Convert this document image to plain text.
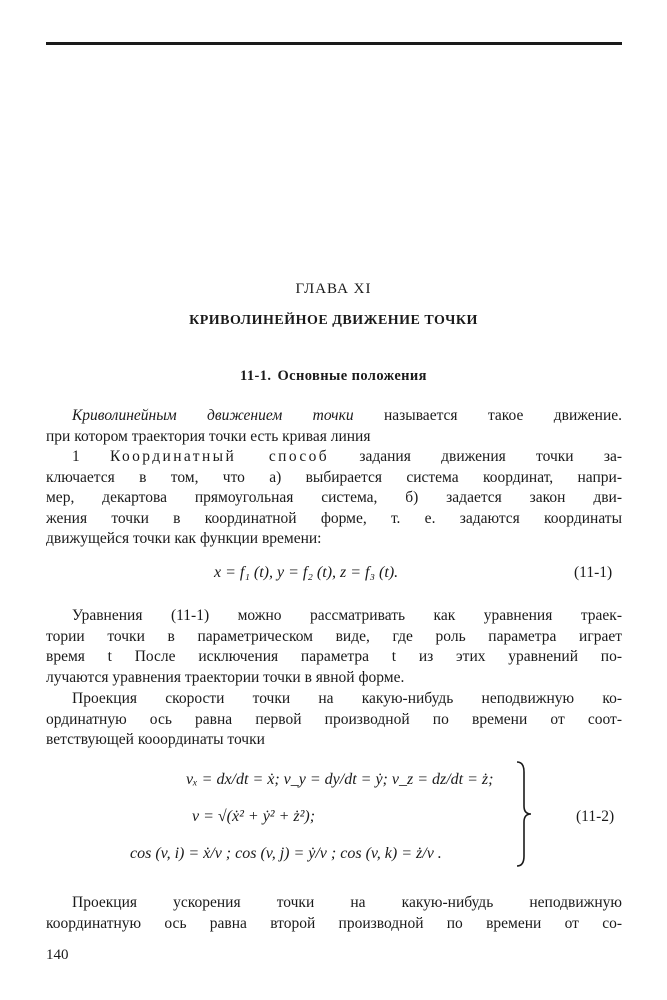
ГЛАВА XI
КРИВОЛИНЕЙНОЕ ДВИЖЕНИЕ ТОЧКИ
11-1. Основные положения
Криволинейным движением точки называется такое движение.
при котором траектория точки есть кривая линия
1 Координатный способ задания движения точки за-
ключается в том, что а) выбирается система координат, напри-
мер, декартова прямоугольная система, б) задается закон дви-
жения точки в координатной форме, т. е. задаются координаты
движущейся точки как функции времени:
x = f₁ (t), y = f₂ (t), z = f₃ (t).	(11-1)
Уравнения (11-1) можно рассматривать как уравнения траек-
тории точки в параметрическом виде, где роль параметра играет
время t После исключения параметра t из этих уравнений по-
лучаются уравнения траектории точки в явной форме.
Проекция скорости точки на какую-нибудь неподвижную ко-
ординатную ось равна первой производной по времени от соот-
ветствующей кооординаты точки
vₓ = dx/dt = ẋ; v_y = dy/dt = ẏ; v_z = dz/dt = ż;
v = √(ẋ² + ẏ² + ż²);
cos (v, i) = ẋ/v ; cos (v, j) = ẏ/v ; cos (v, k) = ż/v .
(11-2)
Проекция ускорения точки на какую-нибудь неподвижную
координатную ось равна второй производной по времени от со-
140
